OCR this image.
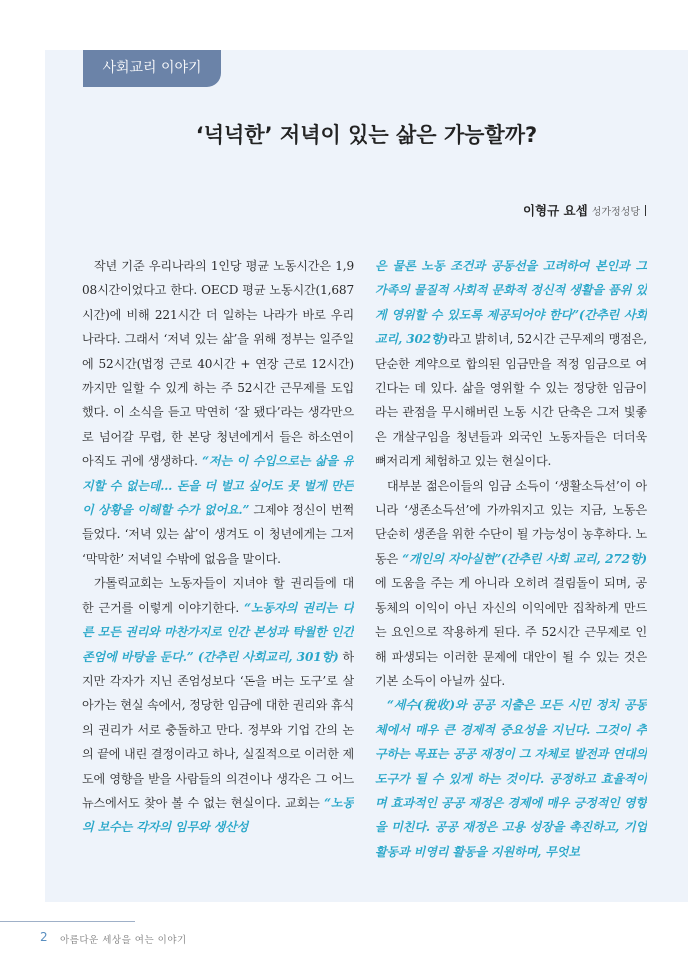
사회교리 이야기
‘넉넉한’ 저녁이 있는 삶은 가능할까?
이형규 요셉 성가정성당

작년 기준 우리나라의 1인당 평균 노동시간은 1,908시간이었다고 한다. OECD 평균 노동시간(1,687시간)에 비해 221시간 더 일하는 나라가 바로 우리나라다. 그래서 ‘저녁 있는 삶’을 위해 정부는 일주일에 52시간(법정 근로 40시간 + 연장 근로 12시간)까지만 일할 수 있게 하는 주 52시간 근무제를 도입했다. 이 소식을 듣고 막연히 ‘잘 됐다’라는 생각만으로 넘어갈 무렵, 한 본당 청년에게서 들은 하소연이 아직도 귀에 생생하다. “저는 이 수입으로는 삶을 유지할 수 없는데… 돈을 더 벌고 싶어도 못 벌게 만든 이 상황을 이해할 수가 없어요.” 그제야 정신이 번쩍 들었다. ‘저녁 있는 삶’이 생겨도 이 청년에게는 그저 ‘막막한’ 저녁일 수밖에 없음을 말이다.

가톨릭교회는 노동자들이 지녀야 할 권리들에 대한 근거를 이렇게 이야기한다. “노동자의 권리는 다른 모든 권리와 마찬가지로 인간 본성과 탁월한 인간 존엄에 바탕을 둔다.” (간추린 사회교리, 301항) 하지만 각자가 지닌 존엄성보다 ‘돈을 버는 도구’로 살아가는 현실 속에서, 정당한 임금에 대한 권리와 휴식의 권리가 서로 충돌하고 만다. 정부와 기업 간의 논의 끝에 내린 결정이라고 하나, 실질적으로 이러한 제도에 영향을 받을 사람들의 의견이나 생각은 그 어느 뉴스에서도 찾아 볼 수 없는 현실이다. 교회는 “노동의 보수는 각자의 임무와 생산성

은 물론 노동 조건과 공동선을 고려하여 본인과 그 가족의 물질적 사회적 문화적 정신적 생활을 품위 있게 영위할 수 있도록 제공되어야 한다”(간추린 사회교리, 302항)라고 밝히녀, 52시간 근무제의 맹점은, 단순한 계약으로 합의된 임금만을 적정 임금으로 여긴다는 데 있다. 삶을 영위할 수 있는 정당한 임금이라는 관점을 무시해버린 노동 시간 단축은 그저 빛좋은 개살구임을 청년들과 외국인 노동자들은 더더욱 뼈저리게 체험하고 있는 현실이다.

대부분 젊은이들의 임금 소득이 ‘생활소득선’이 아니라 ‘생존소득선’에 가까워지고 있는 지금, 노동은 단순히 생존을 위한 수단이 될 가능성이 농후하다. 노동은 “개인의 자아실현”(간추린 사회 교리, 272항)에 도움을 주는 게 아니라 오히려 걸림돌이 되며, 공동체의 이익이 아닌 자신의 이익에만 집착하게 만드는 요인으로 작용하게 된다. 주 52시간 근무제로 인해 파생되는 이러한 문제에 대안이 될 수 있는 것은 기본 소득이 아닐까 싶다.

“세수(稅收)와 공공 지출은 모든 시민 정치 공동체에서 매우 큰 경제적 중요성을 지닌다. 그것이 추구하는 목표는 공공 재정이 그 자체로 발전과 연대의 도구가 될 수 있게 하는 것이다. 공정하고 효율적이며 효과적인 공공 재정은 경제에 매우 긍정적인 영향을 미친다. 공공 재정은 고용 성장을 촉진하고, 기업 활동과 비영리 활동을 지원하며, 무엇보

2 아름다운 세상을 여는 이야기
